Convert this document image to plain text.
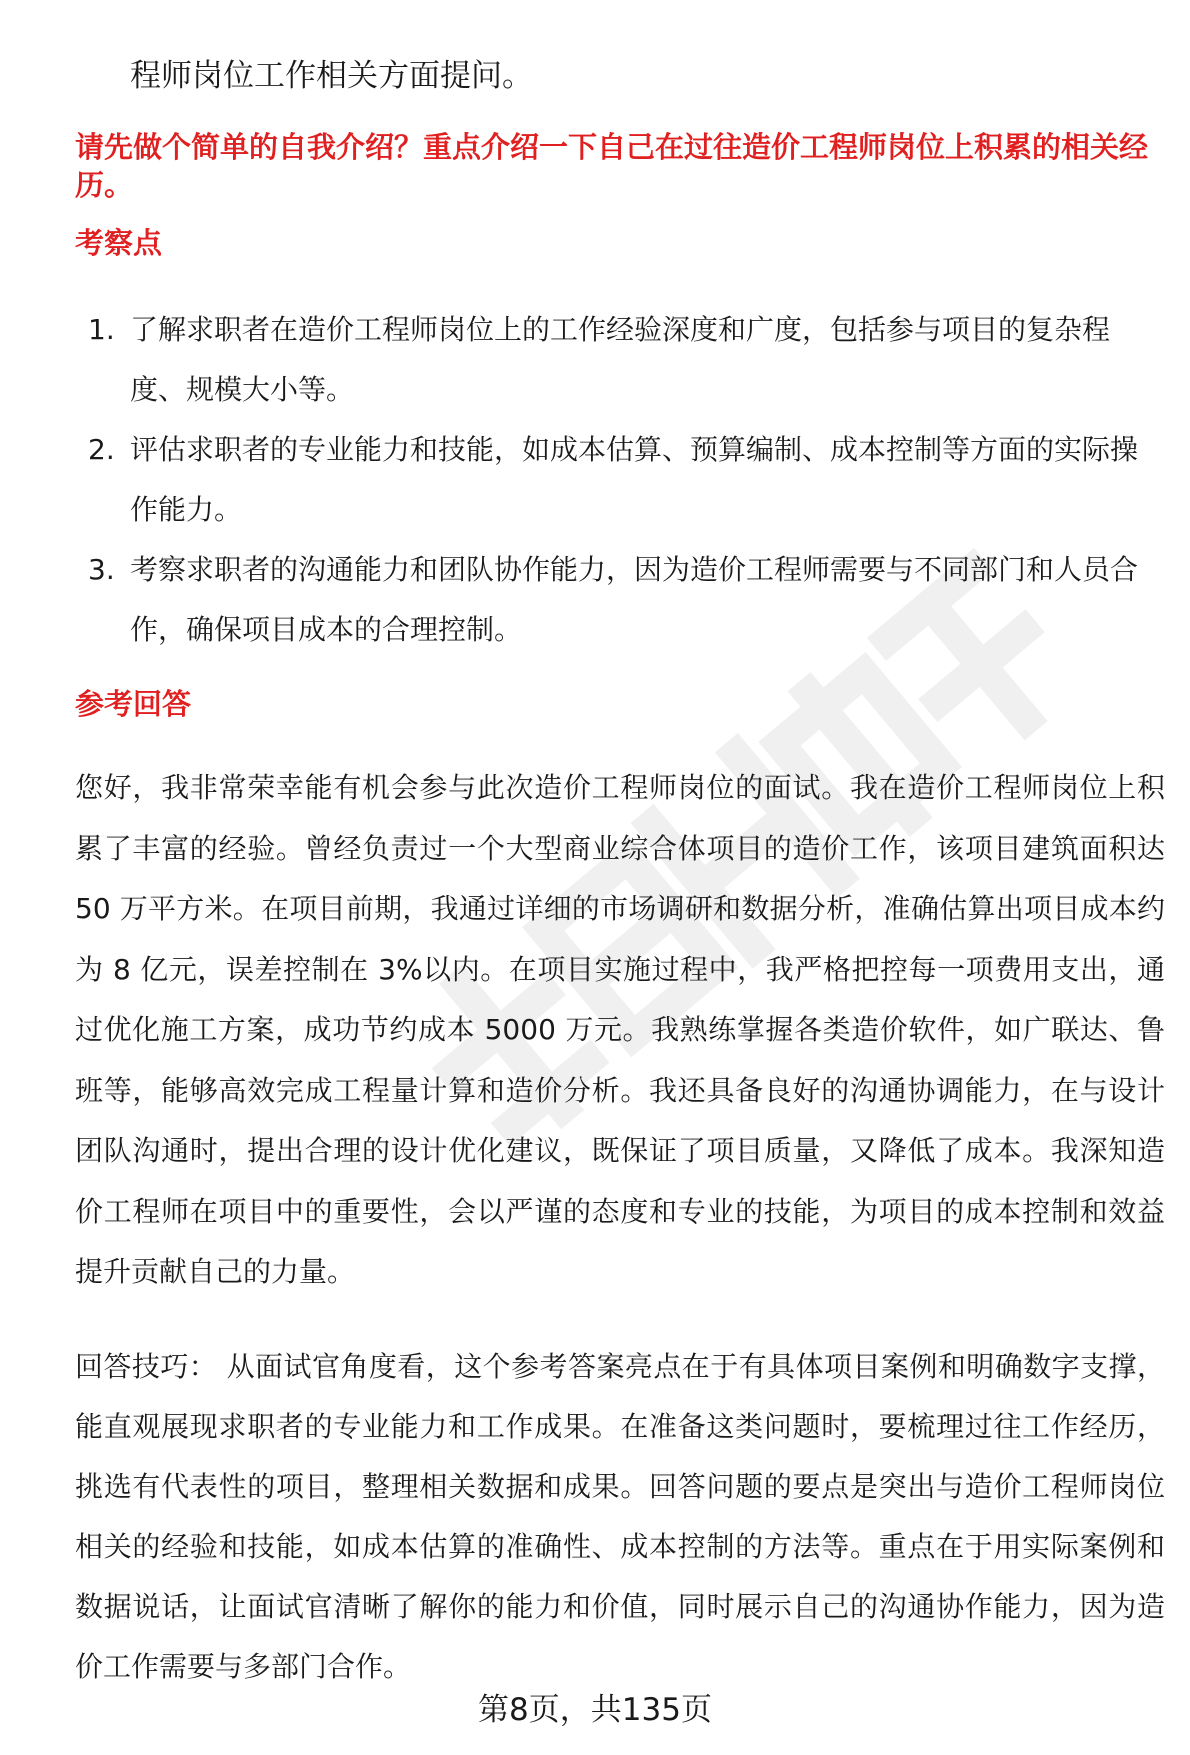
程师岗位工作相关方面提问。
请先做个简单的自我介绍？重点介绍一下自己在过往造价工程师岗位上积累的相关经历。
考察点
1. 了解求职者在造价工程师岗位上的工作经验深度和广度，包括参与项目的复杂程度、规模大小等。
2. 评估求职者的专业能力和技能，如成本估算、预算编制、成本控制等方面的实际操作能力。
3. 考察求职者的沟通能力和团队协作能力，因为造价工程师需要与不同部门和人员合作，确保项目成本的合理控制。
参考回答

您好，我非常荣幸能有机会参与此次造价工程师岗位的面试。我在造价工程师岗位上积累了丰富的经验。曾经负责过一个大型商业综合体项目的造价工作，该项目建筑面积达 50 万平方米。在项目前期，我通过详细的市场调研和数据分析，准确估算出项目成本约为 8 亿元，误差控制在 3%以内。在项目实施过程中，我严格把控每一项费用支出，通过优化施工方案，成功节约成本 5000 万元。我熟练掌握各类造价软件，如广联达、鲁班等，能够高效完成工程量计算和造价分析。我还具备良好的沟通协调能力，在与设计团队沟通时，提出合理的设计优化建议，既保证了项目质量，又降低了成本。我深知造价工程师在项目中的重要性，会以严谨的态度和专业的技能，为项目的成本控制和效益提升贡献自己的力量。

回答技巧： 从面试官角度看，这个参考答案亮点在于有具体项目案例和明确数字支撑，能直观展现求职者的专业能力和工作成果。在准备这类问题时，要梳理过往工作经历，挑选有代表性的项目，整理相关数据和成果。回答问题的要点是突出与造价工程师岗位相关的经验和技能，如成本估算的准确性、成本控制的方法等。重点在于用实际案例和数据说话，让面试官清晰了解你的能力和价值，同时展示自己的沟通协作能力，因为造价工作需要与多部门合作。

第8页，共135页
